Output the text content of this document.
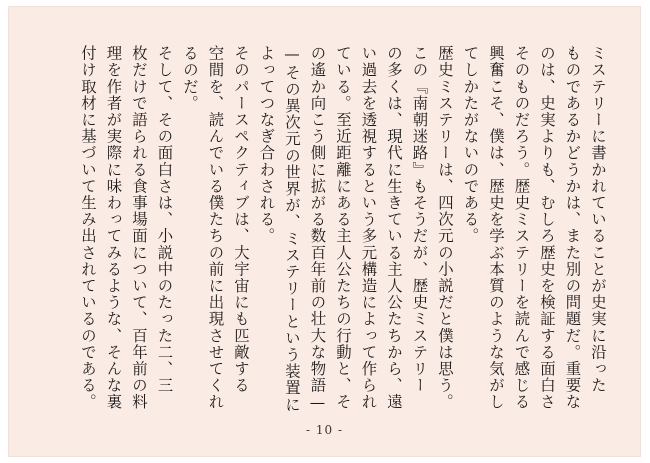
ミステリーに書かれていることが史実に沿った
ものであるかどうかは、また別の問題だ。重要な
のは、史実よりも、むしろ歴史を検証する面白さ
そのものだろう。歴史ミステリーを読んで感じる
興奮こそ、僕は、歴史を学ぶ本質のような気がし
てしかたがないのである。
歴史ミステリーは、四次元の小説だと僕は思う。
この『南朝迷路』もそうだが、歴史ミステリー
の多くは、現代に生きている主人公たちから、遠
い過去を透視するという多元構造によって作られ
ている。至近距離にある主人公たちの行動と、そ
の遙か向こう側に拡がる数百年前の壮大な物語—
—その異次元の世界が、ミステリーという装置に
よってつなぎ合わされる。
そのパースペクティブは、大宇宙にも匹敵する
空間を、読んでいる僕たちの前に出現させてくれ
るのだ。
そして、その面白さは、小説中のたった二、三
枚だけで語られる食事場面について、百年前の料
理を作者が実際に味わってみるような、そんな裏
付け取材に基づいて生み出されているのである。
- 10 -
